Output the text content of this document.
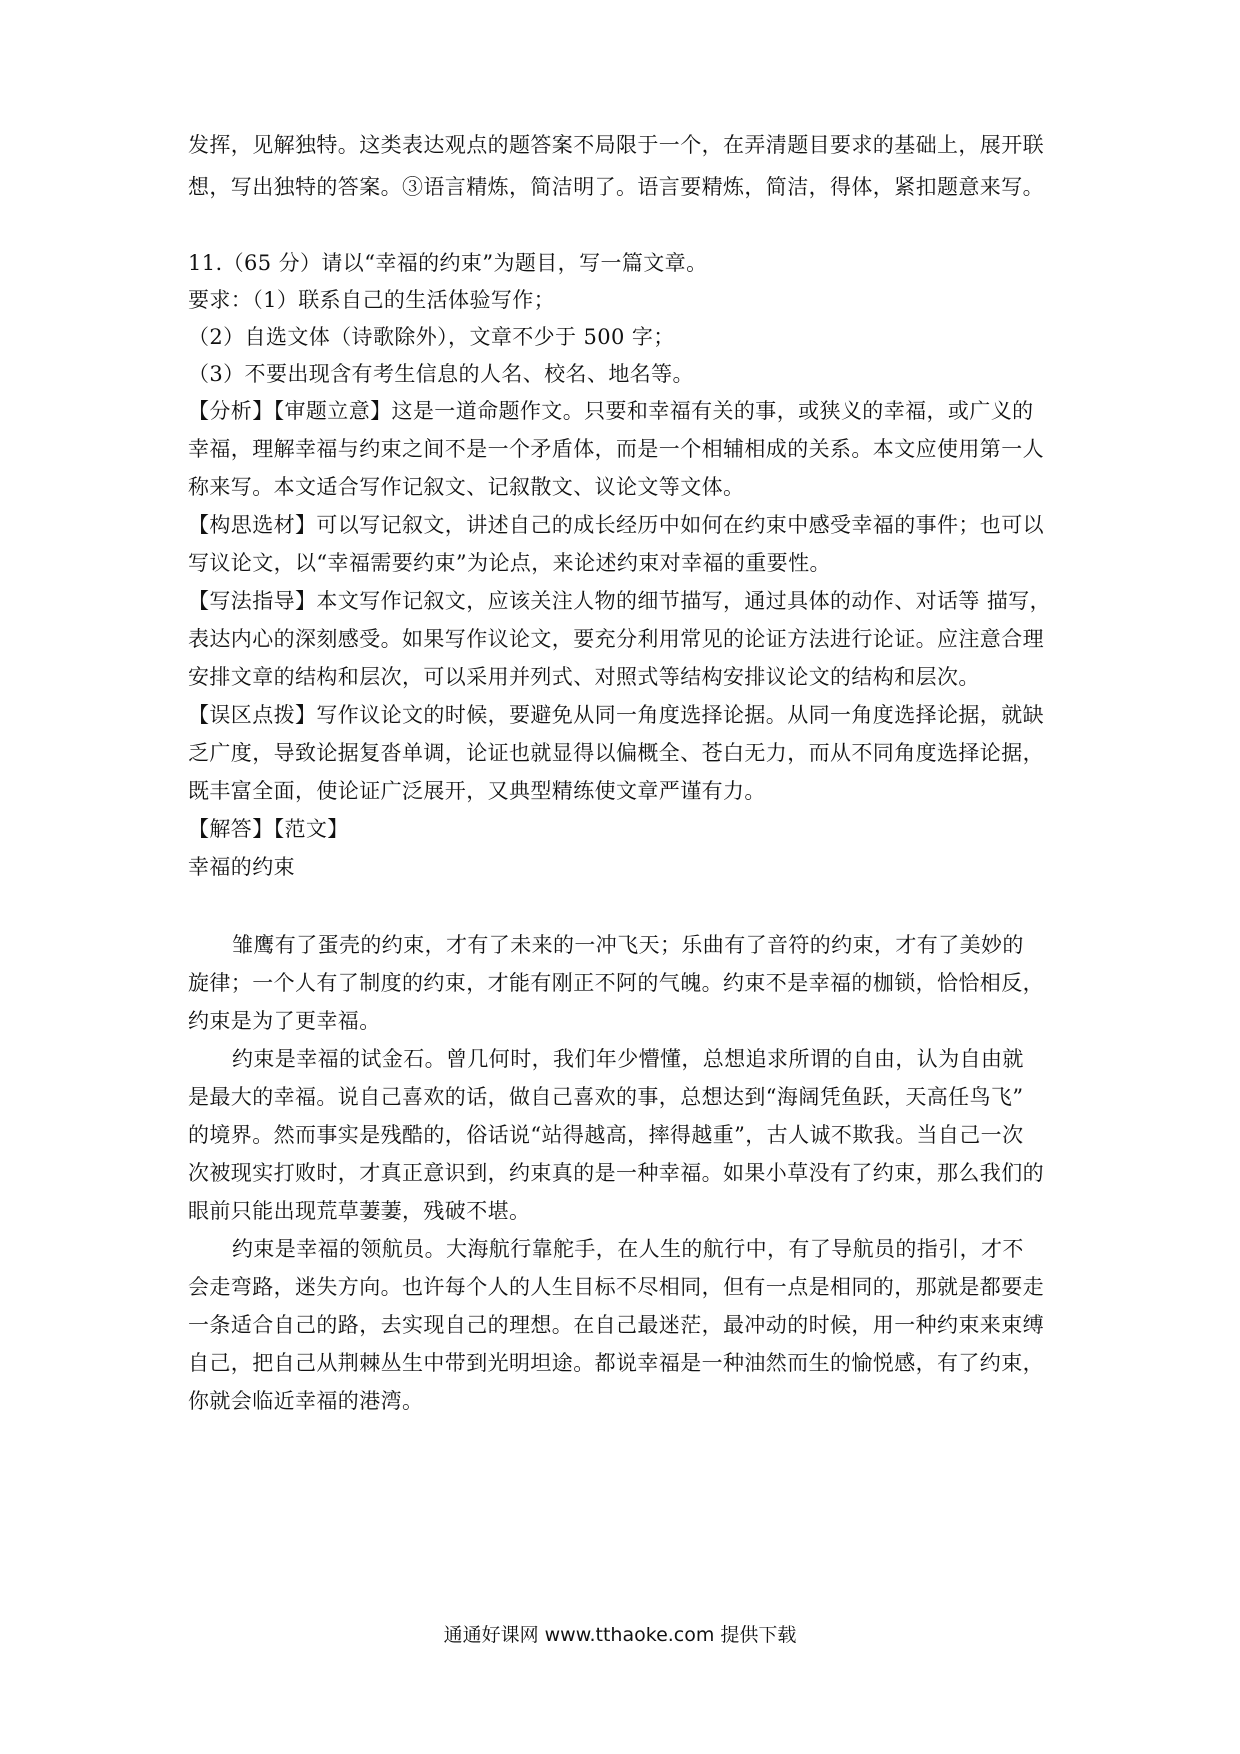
发挥，见解独特。这类表达观点的题答案不局限于一个，在弄清题目要求的基础上，展开联
想，写出独特的答案。③语言精炼，简洁明了。语言要精炼，简洁，得体，紧扣题意来写。
11.（65 分）请以“幸福的约束”为题目，写一篇文章。
要求：（1）联系自己的生活体验写作；
（2）自选文体（诗歌除外），文章不少于 500 字；
（3）不要出现含有考生信息的人名、校名、地名等。
【分析】【审题立意】这是一道命题作文。只要和幸福有关的事，或狭义的幸福，或广义的
幸福，理解幸福与约束之间不是一个矛盾体，而是一个相辅相成的关系。本文应使用第一人
称来写。本文适合写作记叙文、记叙散文、议论文等文体。
【构思选材】可以写记叙文，讲述自己的成长经历中如何在约束中感受幸福的事件；也可以
写议论文，以“幸福需要约束”为论点，来论述约束对幸福的重要性。
【写法指导】本文写作记叙文，应该关注人物的细节描写，通过具体的动作、对话等 描写，
表达内心的深刻感受。如果写作议论文，要充分利用常见的论证方法进行论证。应注意合理
安排文章的结构和层次，可以采用并列式、对照式等结构安排议论文的结构和层次。
【误区点拨】写作议论文的时候，要避免从同一角度选择论据。从同一角度选择论据，就缺
乏广度，导致论据复沓单调，论证也就显得以偏概全、苍白无力，而从不同角度选择论据，
既丰富全面，使论证广泛展开，又典型精练使文章严谨有力。
【解答】【范文】
幸福的约束
雏鹰有了蛋壳的约束，才有了未来的一冲飞天；乐曲有了音符的约束，才有了美妙的
旋律；一个人有了制度的约束，才能有刚正不阿的气魄。约束不是幸福的枷锁，恰恰相反，
约束是为了更幸福。
约束是幸福的试金石。曾几何时，我们年少懵懂，总想追求所谓的自由，认为自由就
是最大的幸福。说自己喜欢的话，做自己喜欢的事，总想达到“海阔凭鱼跃，天高任鸟飞”
的境界。然而事实是残酷的，俗话说“站得越高，摔得越重”，古人诚不欺我。当自己一次
次被现实打败时，才真正意识到，约束真的是一种幸福。如果小草没有了约束，那么我们的
眼前只能出现荒草萋萋，残破不堪。
约束是幸福的领航员。大海航行靠舵手，在人生的航行中，有了导航员的指引，才不
会走弯路，迷失方向。也许每个人的人生目标不尽相同，但有一点是相同的，那就是都要走
一条适合自己的路，去实现自己的理想。在自己最迷茫，最冲动的时候，用一种约束来束缚
自己，把自己从荆棘丛生中带到光明坦途。都说幸福是一种油然而生的愉悦感，有了约束，
你就会临近幸福的港湾。
通通好课网 www.tthaoke.com 提供下载
